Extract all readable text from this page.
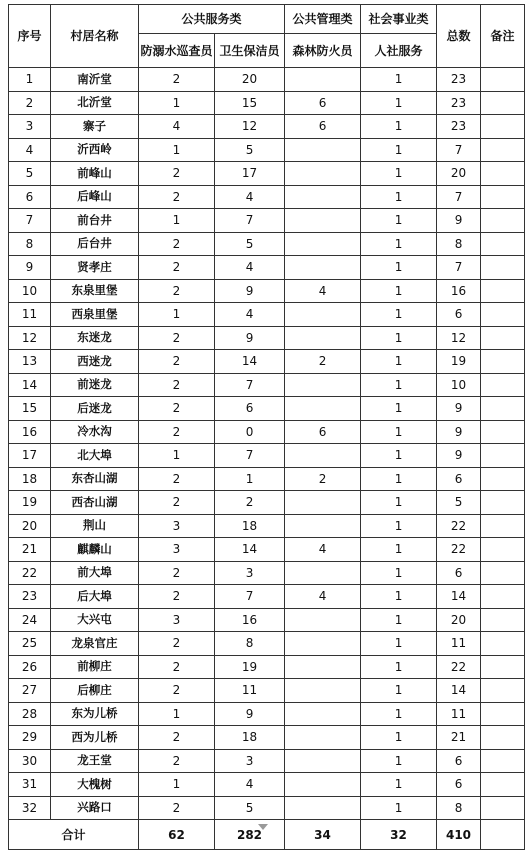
序号	村居名称	公共服务类		公共管理类	社会事业类	总数	备注
		防溺水巡查员	卫生保洁员	森林防火员	人社服务		
1	南沂堂	2	20		1	23	
2	北沂堂	1	15	6	1	23	
3	寨子	4	12	6	1	23	
4	沂西岭	1	5		1	7	
5	前峰山	2	17		1	20	
6	后峰山	2	4		1	7	
7	前台井	1	7		1	9	
8	后台井	2	5		1	8	
9	贤孝庄	2	4		1	7	
10	东泉里堡	2	9	4	1	16	
11	西泉里堡	1	4		1	6	
12	东迷龙	2	9		1	12	
13	西迷龙	2	14	2	1	19	
14	前迷龙	2	7		1	10	
15	后迷龙	2	6		1	9	
16	冷水沟	2	0	6	1	9	
17	北大埠	1	7		1	9	
18	东杏山湖	2	1	2	1	6	
19	西杏山湖	2	2		1	5	
20	荆山	3	18		1	22	
21	麒麟山	3	14	4	1	22	
22	前大埠	2	3		1	6	
23	后大埠	2	7	4	1	14	
24	大兴屯	3	16		1	20	
25	龙泉官庄	2	8		1	11	
26	前柳庄	2	19		1	22	
27	后柳庄	2	11		1	14	
28	东为儿桥	1	9		1	11	
29	西为儿桥	2	18		1	21	
30	龙王堂	2	3		1	6	
31	大槐树	1	4		1	6	
32	兴路口	2	5		1	8	
合计		62	282	34	32	410	
